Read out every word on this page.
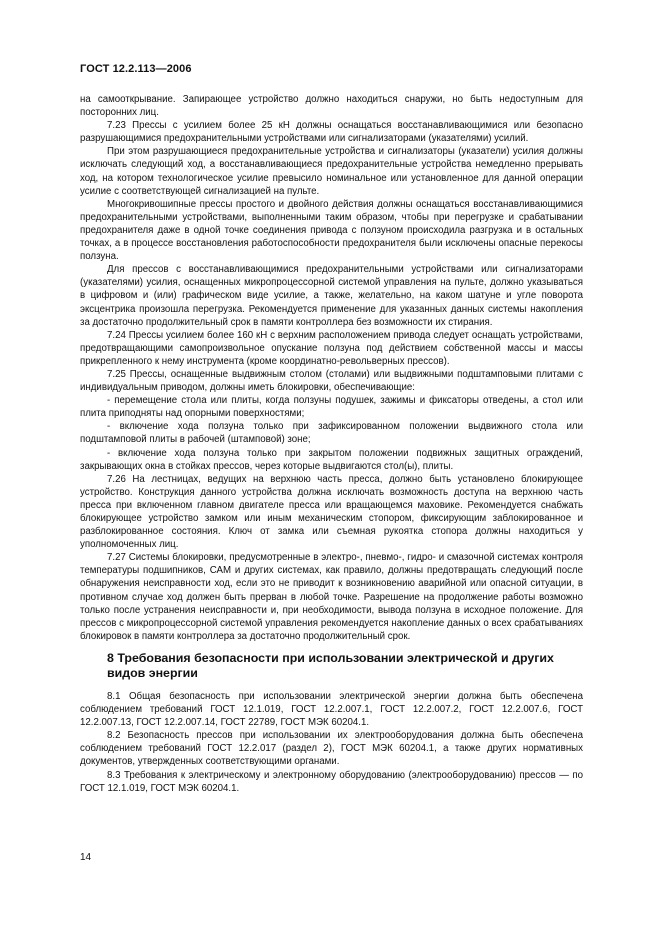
ГОСТ 12.2.113—2006

на самооткрывание. Запирающее устройство должно находиться снаружи, но быть недоступным для посторонних лиц.

7.23 Прессы с усилием более 25 кН должны оснащаться восстанавливающимися или безопасно разрушающимися предохранительными устройствами или сигнализаторами (указателями) усилий.

При этом разрушающиеся предохранительные устройства и сигнализаторы (указатели) усилия должны исключать следующий ход, а восстанавливающиеся предохранительные устройства немедленно прерывать ход, на котором технологическое усилие превысило номинальное или установленное для данной операции усилие с соответствующей сигнализацией на пульте.

Многокривошипные прессы простого и двойного действия должны оснащаться восстанавливающимися предохранительными устройствами, выполненными таким образом, чтобы при перегрузке и срабатывании предохранителя даже в одной точке соединения привода с ползуном происходила разгрузка и в остальных точках, а в процессе восстановления работоспособности предохранителя были исключены опасные перекосы ползуна.

Для прессов с восстанавливающимися предохранительными устройствами или сигнализаторами (указателями) усилия, оснащенных микропроцессорной системой управления на пульте, должно указываться в цифровом и (или) графическом виде усилие, а также, желательно, на каком шатуне и угле поворота эксцентрика произошла перегрузка. Рекомендуется применение для указанных данных системы накопления за достаточно продолжительный срок в памяти контроллера без возможности их стирания.

7.24 Прессы усилием более 160 кН с верхним расположением привода следует оснащать устройствами, предотвращающими самопроизвольное опускание ползуна под действием собственной массы и массы прикрепленного к нему инструмента (кроме координатно-револьверных прессов).

7.25 Прессы, оснащенные выдвижным столом (столами) или выдвижными подштамповыми плитами с индивидуальным приводом, должны иметь блокировки, обеспечивающие:

- перемещение стола или плиты, когда ползуны подушек, зажимы и фиксаторы отведены, а стол или плита приподняты над опорными поверхностями;

- включение хода ползуна только при зафиксированном положении выдвижного стола или подштамповой плиты в рабочей (штамповой) зоне;

- включение хода ползуна только при закрытом положении подвижных защитных ограждений, закрывающих окна в стойках прессов, через которые выдвигаются стол(ы), плиты.

7.26 На лестницах, ведущих на верхнюю часть пресса, должно быть установлено блокирующее устройство. Конструкция данного устройства должна исключать возможность доступа на верхнюю часть пресса при включенном главном двигателе пресса или вращающемся маховике. Рекомендуется снабжать блокирующее устройство замком или иным механическим стопором, фиксирующим заблокированное и разблокированное состояния. Ключ от замка или съемная рукоятка стопора должны находиться у уполномоченных лиц.

7.27 Системы блокировки, предусмотренные в электро-, пневмо-, гидро- и смазочной системах контроля температуры подшипников, САМ и других системах, как правило, должны предотвращать следующий после обнаружения неисправности ход, если это не приводит к возникновению аварийной или опасной ситуации, в противном случае ход должен быть прерван в любой точке. Разрешение на продолжение работы возможно только после устранения неисправности и, при необходимости, вывода ползуна в исходное положение. Для прессов с микропроцессорной системой управления рекомендуется накопление данных о всех срабатываниях блокировок в памяти контроллера за достаточно продолжительный срок.

8 Требования безопасности при использовании электрической и других видов энергии

8.1 Общая безопасность при использовании электрической энергии должна быть обеспечена соблюдением требований ГОСТ 12.1.019, ГОСТ 12.2.007.1, ГОСТ 12.2.007.2, ГОСТ 12.2.007.6, ГОСТ 12.2.007.13, ГОСТ 12.2.007.14, ГОСТ 22789, ГОСТ МЭК 60204.1.

8.2 Безопасность прессов при использовании их электрооборудования должна быть обеспечена соблюдением требований ГОСТ 12.2.017 (раздел 2), ГОСТ МЭК 60204.1, а также других нормативных документов, утвержденных соответствующими органами.

8.3 Требования к электрическому и электронному оборудованию (электрооборудованию) прессов — по ГОСТ 12.1.019, ГОСТ МЭК 60204.1.

14
